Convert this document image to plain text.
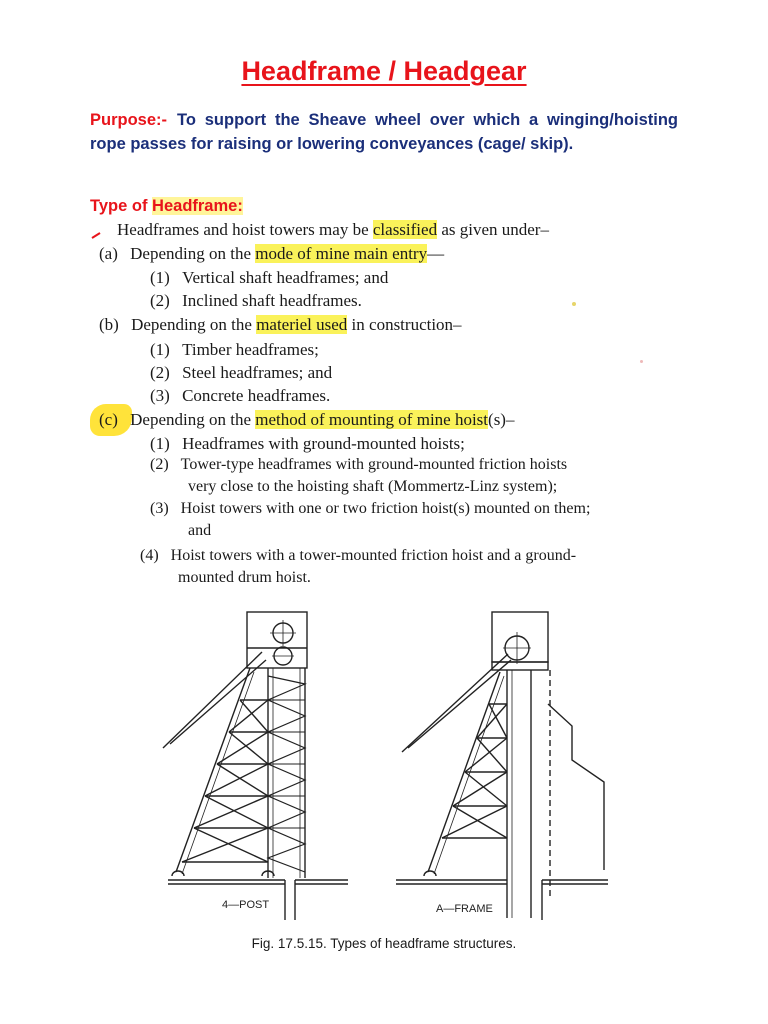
Headframe / Headgear
Purpose:- To support the Sheave wheel over which a winging/hoisting rope passes for raising or lowering conveyances (cage/ skip).
Type of Headframe:
Headframes and hoist towers may be classified as given under–
(a) Depending on the mode of mine main entry—
(1) Vertical shaft headframes; and
(2) Inclined shaft headframes.
(b) Depending on the materiel used in construction–
(1) Timber headframes;
(2) Steel headframes; and
(3) Concrete headframes.
(c) Depending on the method of mounting of mine hoist(s)–
(1) Headframes with ground-mounted hoists;
(2) Tower-type headframes with ground-mounted friction hoists
very close to the hoisting shaft (Mommertz-Linz system);
(3) Hoist towers with one or two friction hoist(s) mounted on them;
and
(4) Hoist towers with a tower-mounted friction hoist and a ground-
mounted drum hoist.
4—POST	A—FRAME
Fig. 17.5.15. Types of headframe structures.
